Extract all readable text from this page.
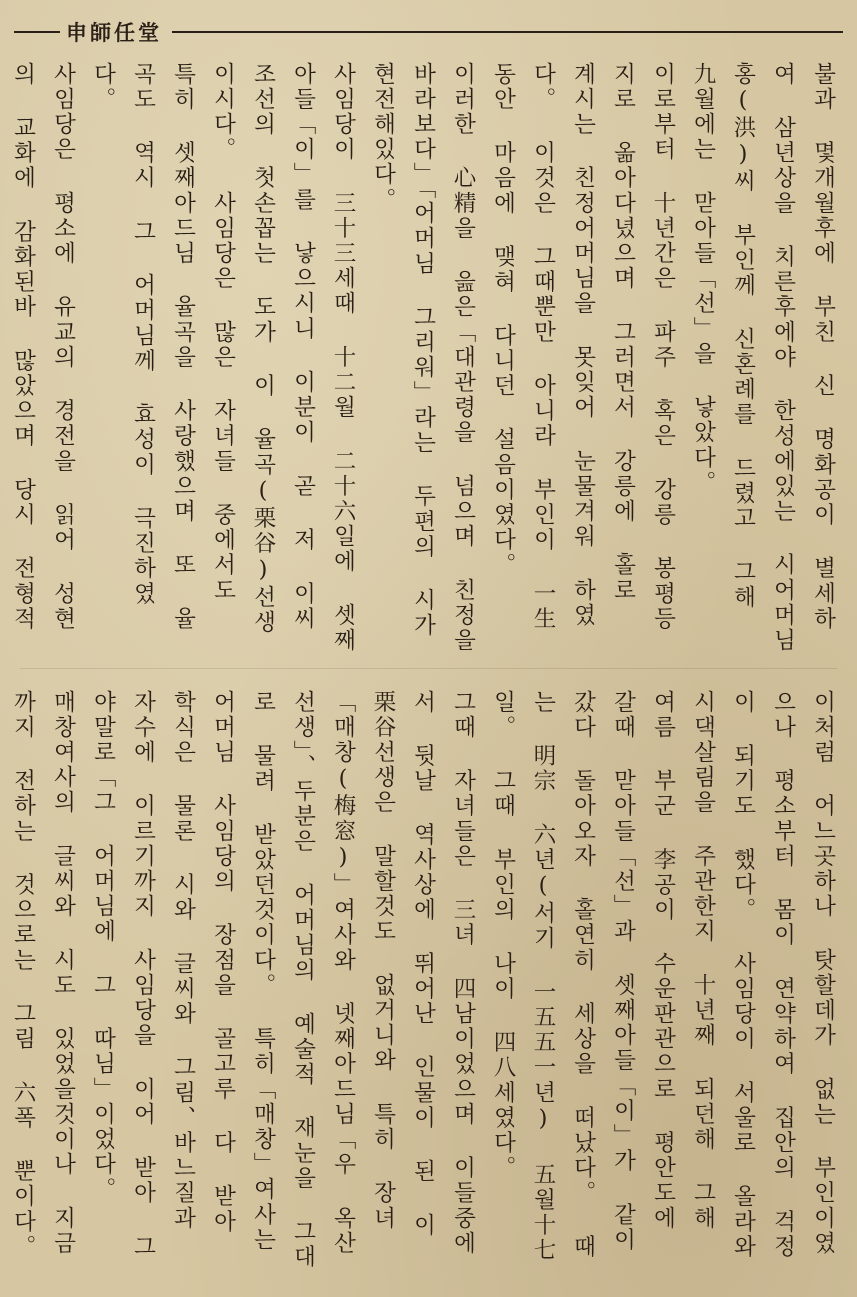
申師任堂

불과 몇개월후에 부친 신 명화공이 별세하여 삼년상을 치른후에야 한성에있는 시어머님 홍(洪)씨 부인께 신혼례를 드렸고 그해 九월에는 맏아들「선」을 낳았다。

이로부터 十년간은 파주 혹은 강릉 봉평등지로 옮아다녔으며 그러면서 강릉에 홀로 계시는 친정어머님을 못잊어 눈물겨워 하였다。 이것은 그때뿐만 아니라 부인이 一生동안 마음에 맺혀 다니던 설음이였다。

이러한 心精을 읊은「대관령을 넘으며 친정을 바라보다」「어머님 그리워」라는 두편의 시가 현전해있다。

사임당이 三十三세때 十二월 二十六일에 셋째 아들「이」를 낳으시니 이분이 곧 저 이씨조선의 첫손꼽는 도가 이 율곡(栗谷)선생이시다。 사임당은 많은 자녀들 중에서도 특히 셋째아드님 율곡을 사랑했으며 또 율곡도 역시 그 어머님께 효성이 극진하였다。

사임당은 평소에 유교의 경전을 읽어 성현의 교화에 감화된바 많았으며 당시 전형적

이처럼 어느곳하나 탓할데가 없는 부인이였으나 평소부터 몸이 연약하여 집안의 걱정이 되기도 했다。 사임당이 서울로 올라와 시댁살림을 주관한지 十년째 되던해 그해 여름 부군 李공이 수운판관으로 평안도에 갈때 맏아들「선」과 셋째아들「이」가 같이 갔다 돌아오자 홀연히 세상을 떠났다。 때는 明宗 六년(서기 一五五一년) 五월十七일。 그때 부인의 나이 四八세였다。

그때 자녀들은 三녀 四남이었으며 이들중에서 뒷날 역사상에 뛰어난 인물이 된 이 栗谷선생은 말할것도 없거니와 특히 장녀「매창(梅窓)」여사와 넷째아드님「우 옥산선생」、두분은 어머님의 예술적 재눈을 그대로 물려 받았던것이다。 특히「매창」여사는 어머님 사임당의 장점을 골고루 다 받아 학식은 물론 시와 글씨와 그림、바느질과 자수에 이르기까지 사임당을 이어 받아 그야말로「그 어머님에 그 따님」이었다。

매창여사의 글씨와 시도 있었을것이나 지금까지 전하는 것으로는 그림 六폭 뿐이다。
